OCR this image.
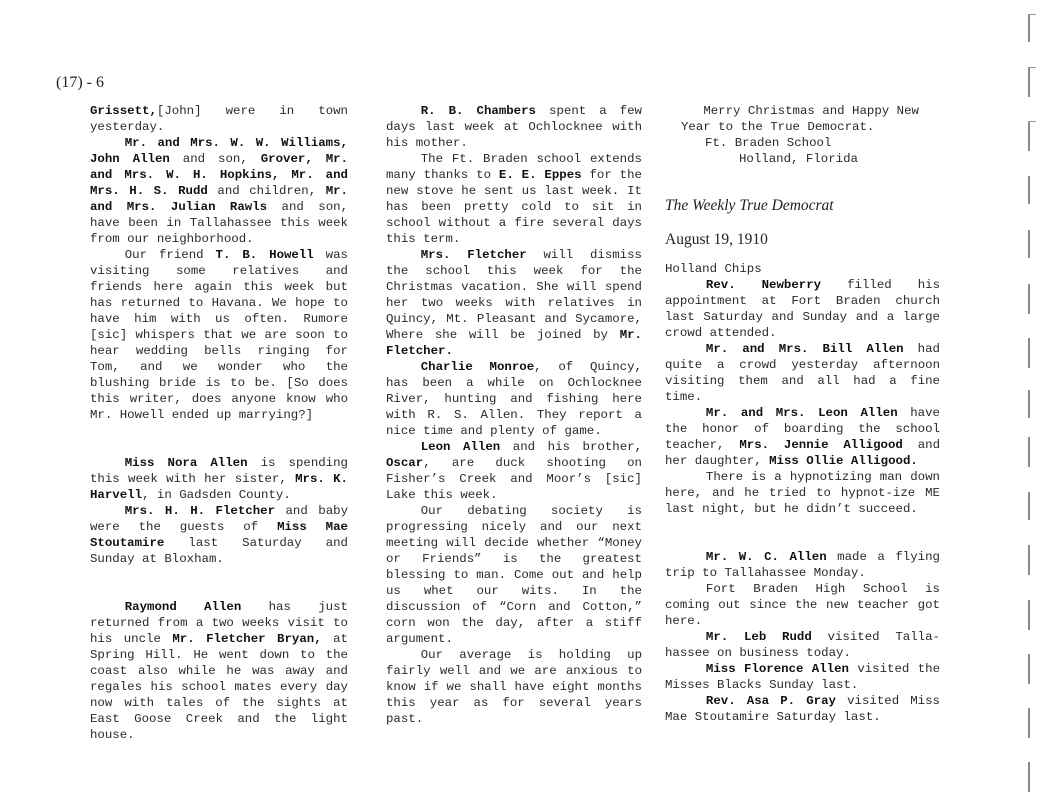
(17) - 6

Grissett,[John] were in town yesterday.

Mr. and Mrs. W. W. Williams, John Allen and son, Grover, Mr. and Mrs. W. H. Hopkins, Mr. and Mrs. H. S. Rudd and children, Mr. and Mrs. Julian Rawls and son, have been in Tallahassee this week from our neighborhood.

Our friend T. B. Howell was visiting some relatives and friends here again this week but has returned to Havana. We hope to have him with us often. Rumore [sic] whispers that we are soon to hear wedding bells ringing for Tom, and we wonder who the blushing bride is to be. [So does this writer, does anyone know who Mr. Howell ended up marrying?]

Miss Nora Allen is spending this week with her sister, Mrs. K. Harvell, in Gadsden County.

Mrs. H. H. Fletcher and baby were the guests of Miss Mae Stoutamire last Saturday and Sunday at Bloxham.

Raymond Allen has just returned from a two weeks visit to his uncle Mr. Fletcher Bryan, at Spring Hill. He went down to the coast also while he was away and regales his school mates every day now with tales of the sights at East Goose Creek and the light house.

R. B. Chambers spent a few days last week at Ochlocknee with his mother.

The Ft. Braden school extends many thanks to E. E. Eppes for the new stove he sent us last week. It has been pretty cold to sit in school without a fire several days this term.

Mrs. Fletcher will dismiss the school this week for the Christmas vacation. She will spend her two weeks with relatives in Quincy, Mt. Pleasant and Sycamore, Where she will be joined by Mr. Fletcher.

Charlie Monroe, of Quincy, has been a while on Ochlocknee River, hunting and fishing here with R. S. Allen. They report a nice time and plenty of game.

Leon Allen and his brother, Oscar, are duck shooting on Fisher’s Creek and Moor’s [sic] Lake this week.

Our debating society is progressing nicely and our next meeting will decide whether “Money or Friends” is the greatest blessing to man. Come out and help us whet our wits. In the discussion of “Corn and Cotton,” corn won the day, after a stiff argument.

Our average is holding up fairly well and we are anxious to know if we shall have eight months this year as for several years past.

Merry Christmas and Happy New Year to the True Democrat.

Ft. Braden School

Holland, Florida

The Weekly True Democrat

August 19, 1910

Holland Chips

Rev. Newberry filled his appointment at Fort Braden church last Saturday and Sunday and a large crowd attended.

Mr. and Mrs. Bill Allen had quite a crowd yesterday afternoon visiting them and all had a fine time.

Mr. and Mrs. Leon Allen have the honor of boarding the school teacher, Mrs. Jennie Alligood and her daughter, Miss Ollie Alligood.

There is a hypnotizing man down here, and he tried to hypnot-ize ME last night, but he didn’t succeed.

Mr. W. C. Allen made a flying trip to Tallahassee Monday.

Fort Braden High School is coming out since the new teacher got here.

Mr. Leb Rudd visited Talla-hassee on business today.

Miss Florence Allen visited the Misses Blacks Sunday last.

Rev. Asa P. Gray visited Miss Mae Stoutamire Saturday last.
